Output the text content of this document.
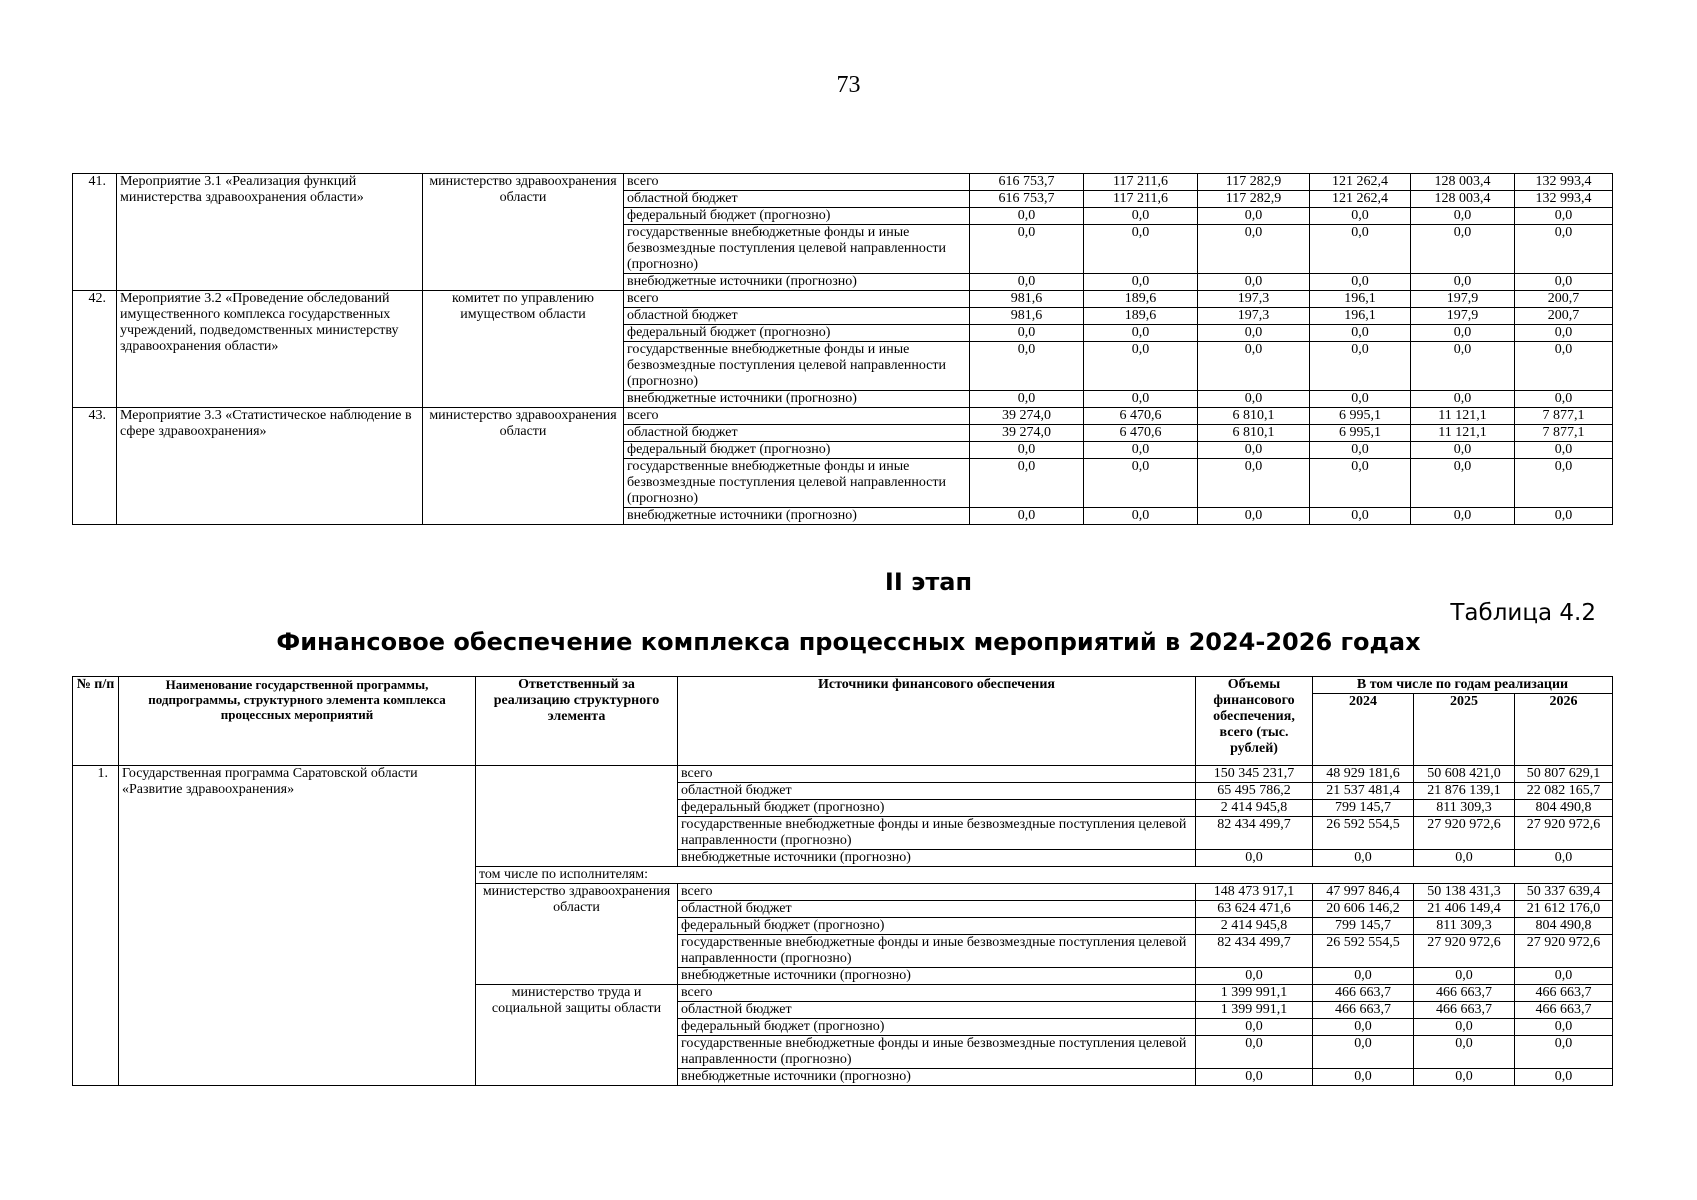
73
41.	Мероприятие 3.1 «Реализация функций министерства здравоохранения области»	министерство здравоохранения области	всего	616 753,7	117 211,6	117 282,9	121 262,4	128 003,4	132 993,4
			областной бюджет	616 753,7	117 211,6	117 282,9	121 262,4	128 003,4	132 993,4
			федеральный бюджет (прогнозно)	0,0	0,0	0,0	0,0	0,0	0,0
			государственные внебюджетные фонды и иные безвозмездные поступления целевой направленности (прогнозно)	0,0	0,0	0,0	0,0	0,0	0,0
			внебюджетные источники (прогнозно)	0,0	0,0	0,0	0,0	0,0	0,0
42.	Мероприятие 3.2 «Проведение обследований имущественного комплекса государственных учреждений, подведомственных министерству здравоохранения области»	комитет по управлению имуществом области	всего	981,6	189,6	197,3	196,1	197,9	200,7
			областной бюджет	981,6	189,6	197,3	196,1	197,9	200,7
			федеральный бюджет (прогнозно)	0,0	0,0	0,0	0,0	0,0	0,0
			государственные внебюджетные фонды и иные безвозмездные поступления целевой направленности (прогнозно)	0,0	0,0	0,0	0,0	0,0	0,0
			внебюджетные источники (прогнозно)	0,0	0,0	0,0	0,0	0,0	0,0
43.	Мероприятие 3.3 «Статистическое наблюдение в сфере здравоохранения»	министерство здравоохранения области	всего	39 274,0	6 470,6	6 810,1	6 995,1	11 121,1	7 877,1
			областной бюджет	39 274,0	6 470,6	6 810,1	6 995,1	11 121,1	7 877,1
			федеральный бюджет (прогнозно)	0,0	0,0	0,0	0,0	0,0	0,0
			государственные внебюджетные фонды и иные безвозмездные поступления целевой направленности (прогнозно)	0,0	0,0	0,0	0,0	0,0	0,0
			внебюджетные источники (прогнозно)	0,0	0,0	0,0	0,0	0,0	0,0
II этап
Таблица 4.2
Финансовое обеспечение комплекса процессных мероприятий в 2024-2026 годах
№ п/п	Наименование государственной программы, подпрограммы, структурного элемента комплекса процессных мероприятий	Ответственный за реализацию структурного элемента	Источники финансового обеспечения	Объемы финансового обеспечения, всего (тыс. рублей)	В том числе по годам реализации		
					2024	2025	2026
1.	Государственная программа Саратовской области «Развитие здравоохранения»		всего	150 345 231,7	48 929 181,6	50 608 421,0	50 807 629,1
			областной бюджет	65 495 786,2	21 537 481,4	21 876 139,1	22 082 165,7
			федеральный бюджет (прогнозно)	2 414 945,8	799 145,7	811 309,3	804 490,8
			государственные внебюджетные фонды и иные безвозмездные поступления целевой направленности (прогнозно)	82 434 499,7	26 592 554,5	27 920 972,6	27 920 972,6
			внебюджетные источники (прогнозно)	0,0	0,0	0,0	0,0
		том числе по исполнителям:					
		министерство здравоохранения области	всего	148 473 917,1	47 997 846,4	50 138 431,3	50 337 639,4
			областной бюджет	63 624 471,6	20 606 146,2	21 406 149,4	21 612 176,0
			федеральный бюджет (прогнозно)	2 414 945,8	799 145,7	811 309,3	804 490,8
			государственные внебюджетные фонды и иные безвозмездные поступления целевой направленности (прогнозно)	82 434 499,7	26 592 554,5	27 920 972,6	27 920 972,6
			внебюджетные источники (прогнозно)	0,0	0,0	0,0	0,0
		министерство труда и социальной защиты области	всего	1 399 991,1	466 663,7	466 663,7	466 663,7
			областной бюджет	1 399 991,1	466 663,7	466 663,7	466 663,7
			федеральный бюджет (прогнозно)	0,0	0,0	0,0	0,0
			государственные внебюджетные фонды и иные безвозмездные поступления целевой направленности (прогнозно)	0,0	0,0	0,0	0,0
			внебюджетные источники (прогнозно)	0,0	0,0	0,0	0,0
